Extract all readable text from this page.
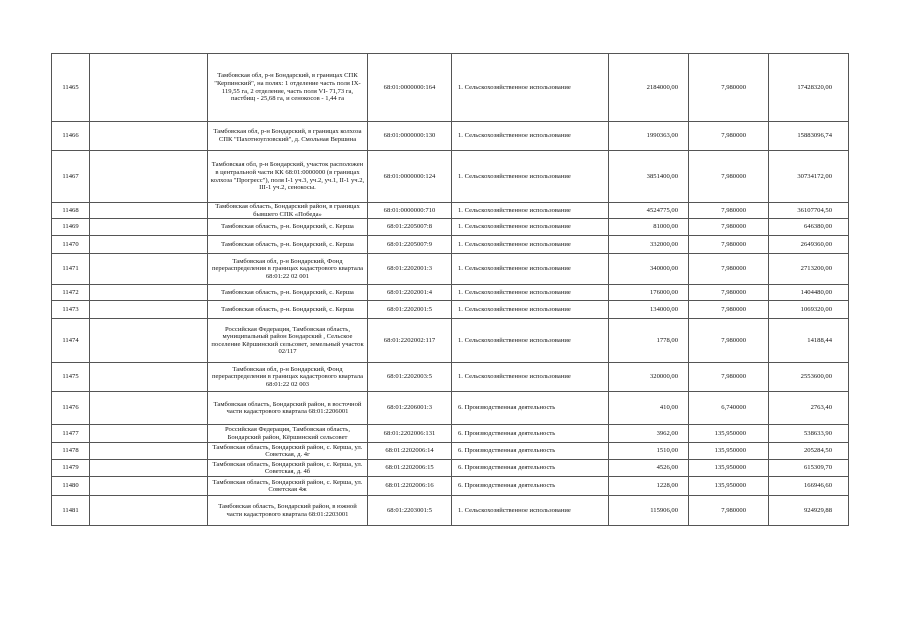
11465		Тамбовская обл, р-н Бондарский, в границах СПК "Керпинский", на полях: 1 отделение часть поля IX- 119,55 га, 2 отделение, часть поля VI- 71,73 га, пастбищ - 25,68 га, и сенокосов - 1,44 га	68:01:0000000:164	1. Сельскохозяйственное использование	2184000,00	7,980000	17428320,00
11466		Тамбовская обл, р-н Бондарский, в границах колхоза СПК "Пахотноугловский", д. Смольная Вершина	68:01:0000000:130	1. Сельскохозяйственное использование	1990363,00	7,980000	15883096,74
11467		Тамбовская обл, р-н Бондарский, участок расположен в центральной части КК 68:01:0000000 (в границах колхоза "Прогресс"), поля I-1 уч.3, уч.2, уч.1, II-1 уч.2, III-1 уч.2, сенокосы.	68:01:0000000:124	1. Сельскохозяйственное использование	3851400,00	7,980000	30734172,00
11468		Тамбовская область, Бондарский район, в границах бывшего СПК «Победа»	68:01:0000000:710	1. Сельскохозяйственное использование	4524775,00	7,980000	36107704,50
11469		Тамбовская область, р-н. Бондарский, с. Керша	68:01:2205007:8	1. Сельскохозяйственное использование	81000,00	7,980000	646380,00
11470		Тамбовская область, р-н. Бондарский, с. Керша	68:01:2205007:9	1. Сельскохозяйственное использование	332000,00	7,980000	2649360,00
11471		Тамбовская обл, р-н Бондарский, Фонд перераспределения в границах кадастрового квартала 68:01:22 02 001	68:01:2202001:3	1. Сельскохозяйственное использование	340000,00	7,980000	2713200,00
11472		Тамбовская область, р-н. Бондарский, с. Керша	68:01:2202001:4	1. Сельскохозяйственное использование	176000,00	7,980000	1404480,00
11473		Тамбовская область, р-н. Бондарский, с. Керша	68:01:2202001:5	1. Сельскохозяйственное использование	134000,00	7,980000	1069320,00
11474		Российская Федерация, Тамбовская область, муниципальный район Бондарский , Сельское поселение Кёршинский сельсовет, земельный участок 02/117	68:01:2202002:117	1. Сельскохозяйственное использование	1778,00	7,980000	14188,44
11475		Тамбовская обл, р-н Бондарский, Фонд перераспределения в границах кадастрового квартала 68:01:22 02 003	68:01:2202003:5	1. Сельскохозяйственное использование	320000,00	7,980000	2553600,00
11476		Тамбовская область, Бондарский район, в восточной части кадастрового квартала 68:01:2206001	68:01:2206001:3	6. Производственная деятельность	410,00	6,740000	2763,40
11477		Российская Федерация, Тамбовская область, Бондарский район, Кёршинский сельсовет	68:01:2202006:131	6. Производственная деятельность	3962,00	135,950000	538633,90
11478		Тамбовская область, Бондарский район, с. Керша, ул. Советская, д. 4г	68:01:2202006:14	6. Производственная деятельность	1510,00	135,950000	205284,50
11479		Тамбовская область, Бондарский район, с. Керша, ул. Советская, д. 4б	68:01:2202006:15	6. Производственная деятельность	4526,00	135,950000	615309,70
11480		Тамбовская область, Бондарский район, с. Керша, ул. Советская 4ж	68:01:2202006:16	6. Производственная деятельность	1228,00	135,950000	166946,60
11481		Тамбовская область, Бондарский район, в южной части кадастрового квартала 68:01:2203001	68:01:2203001:5	1. Сельскохозяйственное использование	115906,00	7,980000	924929,88
